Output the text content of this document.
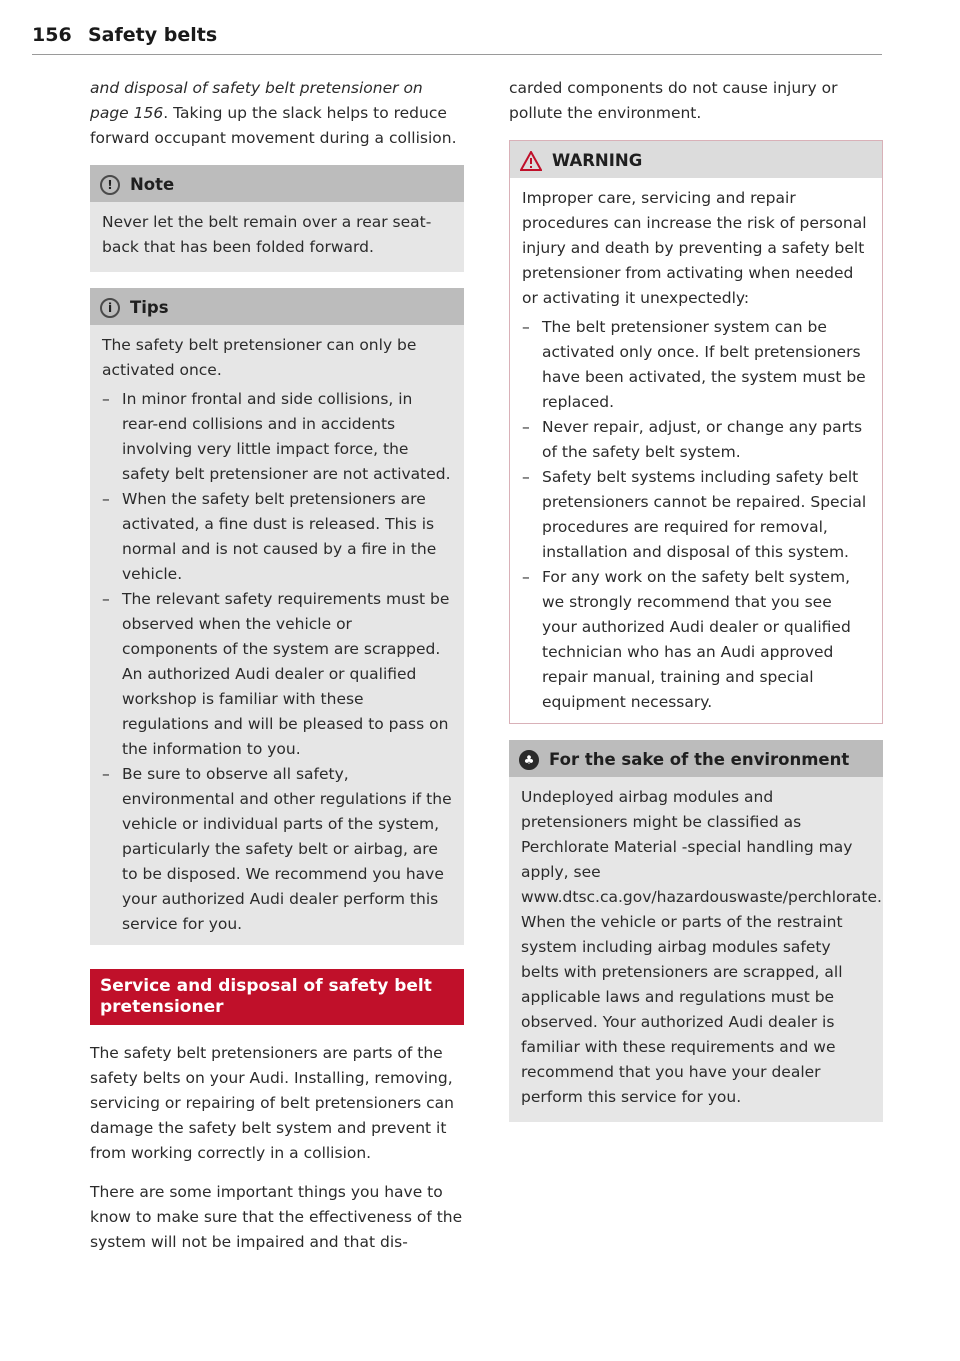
156 Safety belts

and disposal of safety belt pretensioner on page 156. Taking up the slack helps to reduce forward occupant movement during a collision.

!	Note

Never let the belt remain over a rear seat-back that has been folded forward.

i	Tips

The safety belt pretensioner can only be activated once.

– In minor frontal and side collisions, in rear-end collisions and in accidents involving very little impact force, the safety belt pretensioner are not activated.
– When the safety belt pretensioners are activated, a fine dust is released. This is normal and is not caused by a fire in the vehicle.
– The relevant safety requirements must be observed when the vehicle or components of the system are scrapped. An authorized Audi dealer or qualified workshop is familiar with these regulations and will be pleased to pass on the information to you.
– Be sure to observe all safety, environmental and other regulations if the vehicle or individual parts of the system, particularly the safety belt or airbag, are to be disposed. We recommend you have your authorized Audi dealer perform this service for you.
Service and disposal of safety belt pretensioner

The safety belt pretensioners are parts of the safety belts on your Audi. Installing, removing, servicing or repairing of belt pretensioners can damage the safety belt system and prevent it from working correctly in a collision.

There are some important things you have to know to make sure that the effectiveness of the system will not be impaired and that dis-

carded components do not cause injury or pollute the environment.

WARNING

Improper care, servicing and repair procedures can increase the risk of personal injury and death by preventing a safety belt pretensioner from activating when needed or activating it unexpectedly:

– The belt pretensioner system can be activated only once. If belt pretensioners have been activated, the system must be replaced.
– Never repair, adjust, or change any parts of the safety belt system.
– Safety belt systems including safety belt pretensioners cannot be repaired. Special procedures are required for removal, installation and disposal of this system.
– For any work on the safety belt system, we strongly recommend that you see your authorized Audi dealer or qualified technician who has an Audi approved repair manual, training and special equipment necessary.
♣ For the sake of the environment

Undeployed airbag modules and pretensioners might be classified as Perchlorate Material -special handling may apply, see www.dtsc.ca.gov/hazardouswaste/perchlorate. When the vehicle or parts of the restraint system including airbag modules safety belts with pretensioners are scrapped, all applicable laws and regulations must be observed. Your authorized Audi dealer is familiar with these requirements and we recommend that you have your dealer perform this service for you.
